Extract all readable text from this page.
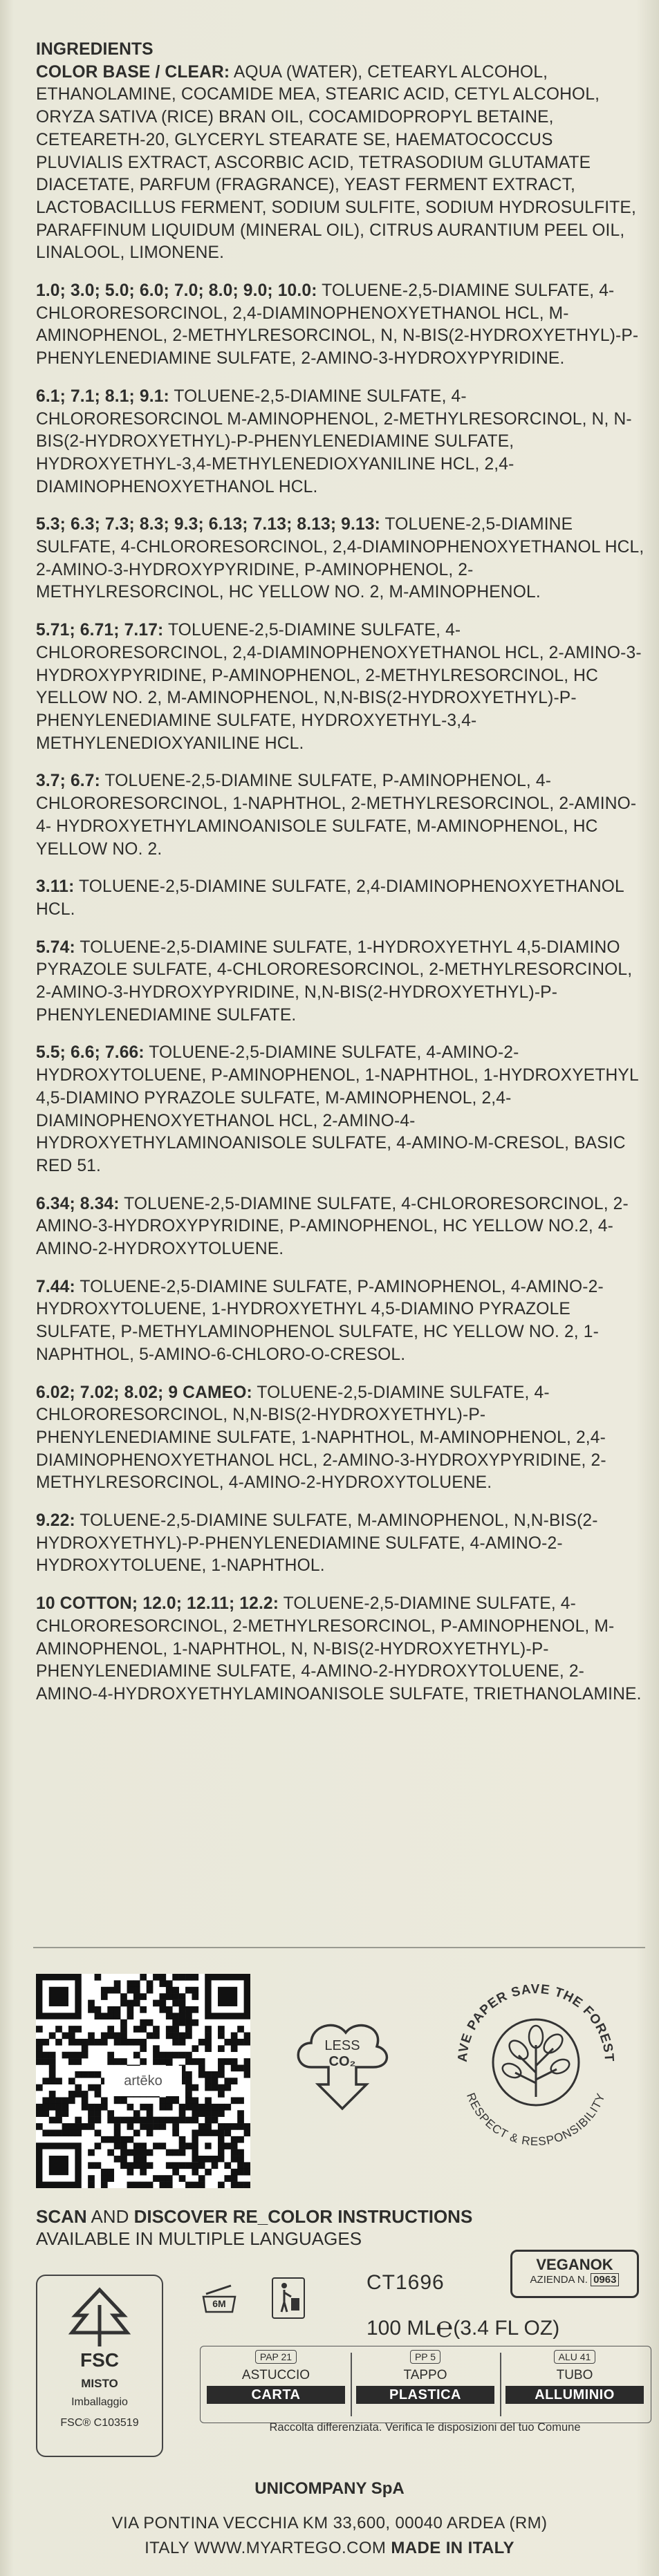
INGREDIENTS
COLOR BASE / CLEAR: AQUA (WATER), CETEARYL ALCOHOL, ETHANOLAMINE, COCAMIDE MEA, STEARIC ACID, CETYL ALCOHOL, ORYZA SATIVA (RICE) BRAN OIL, COCAMIDOPROPYL BETAINE, CETEARETH-20, GLYCERYL STEARATE SE, HAEMATOCOCCUS PLUVIALIS EXTRACT, ASCORBIC ACID, TETRASODIUM GLUTAMATE DIACETATE, PARFUM (FRAGRANCE), YEAST FERMENT EXTRACT, LACTOBACILLUS FERMENT, SODIUM SULFITE, SODIUM HYDROSULFITE, PARAFFINUM LIQUIDUM (MINERAL OIL), CITRUS AURANTIUM PEEL OIL, LINALOOL, LIMONENE.
1.0; 3.0; 5.0; 6.0; 7.0; 8.0; 9.0; 10.0: TOLUENE-2,5-DIAMINE SULFATE, 4-CHLORORESORCINOL, 2,4-DIAMINOPHENOXYETHANOL HCL, M-AMINOPHENOL, 2-METHYLRESORCINOL, N, N-BIS(2-HYDROXYETHYL)-P-PHENYLENEDIAMINE SULFATE, 2-AMINO-3-HYDROXYPYRIDINE.
6.1; 7.1; 8.1; 9.1: TOLUENE-2,5-DIAMINE SULFATE, 4-CHLORORESORCINOL M-AMINOPHENOL, 2-METHYLRESORCINOL, N, N-BIS(2-HYDROXYETHYL)-P-PHENYLENEDIAMINE SULFATE, HYDROXYETHYL-3,4-METHYLENEDIOXYANILINE HCL, 2,4-DIAMINOPHENOXYETHANOL HCL.
5.3; 6.3; 7.3; 8.3; 9.3; 6.13; 7.13; 8.13; 9.13: TOLUENE-2,5-DIAMINE SULFATE, 4-CHLORORESORCINOL, 2,4-DIAMINOPHENOXYETHANOL HCL, 2-AMINO-3-HYDROXYPYRIDINE, P-AMINOPHENOL, 2-METHYLRESORCINOL, HC YELLOW NO. 2, M-AMINOPHENOL.
5.71; 6.71; 7.17: TOLUENE-2,5-DIAMINE SULFATE, 4-CHLORORESORCINOL, 2,4-DIAMINOPHENOXYETHANOL HCL, 2-AMINO-3-HYDROXYPYRIDINE, P-AMINOPHENOL, 2-METHYLRESORCINOL, HC YELLOW NO. 2, M-AMINOPHENOL, N,N-BIS(2-HYDROXYETHYL)-P-PHENYLENEDIAMINE SULFATE, HYDROXYETHYL-3,4-METHYLENEDIOXYANILINE HCL.
3.7; 6.7: TOLUENE-2,5-DIAMINE SULFATE, P-AMINOPHENOL, 4-CHLORORESORCINOL, 1-NAPHTHOL, 2-METHYLRESORCINOL, 2-AMINO-4- HYDROXYETHYLAMINOANISOLE SULFATE, M-AMINOPHENOL, HC YELLOW NO. 2.
3.11: TOLUENE-2,5-DIAMINE SULFATE, 2,4-DIAMINOPHENOXYETHANOL HCL.
5.74: TOLUENE-2,5-DIAMINE SULFATE, 1-HYDROXYETHYL 4,5-DIAMINO PYRAZOLE SULFATE, 4-CHLORORESORCINOL, 2-METHYLRESORCINOL, 2-AMINO-3-HYDROXYPYRIDINE, N,N-BIS(2-HYDROXYETHYL)-P-PHENYLENEDIAMINE SULFATE.
5.5; 6.6; 7.66: TOLUENE-2,5-DIAMINE SULFATE, 4-AMINO-2-HYDROXYTOLUENE, P-AMINOPHENOL, 1-NAPHTHOL, 1-HYDROXYETHYL 4,5-DIAMINO PYRAZOLE SULFATE, M-AMINOPHENOL, 2,4-DIAMINOPHENOXYETHANOL HCL, 2-AMINO-4-HYDROXYETHYLAMINOANISOLE SULFATE, 4-AMINO-M-CRESOL, BASIC RED 51.
6.34; 8.34: TOLUENE-2,5-DIAMINE SULFATE, 4-CHLORORESORCINOL, 2-AMINO-3-HYDROXYPYRIDINE, P-AMINOPHENOL, HC YELLOW NO.2, 4-AMINO-2-HYDROXYTOLUENE.
7.44: TOLUENE-2,5-DIAMINE SULFATE, P-AMINOPHENOL, 4-AMINO-2-HYDROXYTOLUENE, 1-HYDROXYETHYL 4,5-DIAMINO PYRAZOLE SULFATE, P-METHYLAMINOPHENOL SULFATE, HC YELLOW NO. 2, 1-NAPHTHOL, 5-AMINO-6-CHLORO-O-CRESOL.
6.02; 7.02; 8.02; 9 CAMEO: TOLUENE-2,5-DIAMINE SULFATE, 4-CHLORORESORCINOL, N,N-BIS(2-HYDROXYETHYL)-P-PHENYLENEDIAMINE SULFATE, 1-NAPHTHOL, M-AMINOPHENOL, 2,4-DIAMINOPHENOXYETHANOL HCL, 2-AMINO-3-HYDROXYPYRIDINE, 2-METHYLRESORCINOL, 4-AMINO-2-HYDROXYTOLUENE.
9.22: TOLUENE-2,5-DIAMINE SULFATE, M-AMINOPHENOL, N,N-BIS(2-HYDROXYETHYL)-P-PHENYLENEDIAMINE SULFATE, 4-AMINO-2-HYDROXYTOLUENE, 1-NAPHTHOL.
10 COTTON; 12.0; 12.11; 12.2: TOLUENE-2,5-DIAMINE SULFATE, 4-CHLORORESORCINOL, 2-METHYLRESORCINOL, P-AMINOPHENOL, M-AMINOPHENOL, 1-NAPHTHOL, N, N-BIS(2-HYDROXYETHYL)-P-PHENYLENEDIAMINE SULFATE, 4-AMINO-2-HYDROXYTOLUENE, 2-AMINO-4-HYDROXYETHYLAMINOANISOLE SULFATE, TRIETHANOLAMINE.
artēko
LESS
CO₂	AVE PAPER SAVE THE FOREST
RESPECT & RESPONSIBILITY
SCAN AND DISCOVER RE_COLOR INSTRUCTIONS
AVAILABLE IN MULTIPLE LANGUAGES
VEGANOK
AZIENDA N. 0963
FSC
MISTO
Imballaggio
FSC® C103519
6M
CT1696
100 ML℮(3.4 FL OZ)
PAP 21
ASTUCCIO
CARTA
PP 5
TAPPO
PLASTICA
ALU 41
TUBO
ALLUMINIO
Raccolta differenziata. Verifica le disposizioni del tuo Comune
UNICOMPANY SpA
VIA PONTINA VECCHIA KM 33,600, 00040 ARDEA (RM)
ITALY WWW.MYARTEGO.COM MADE IN ITALY
